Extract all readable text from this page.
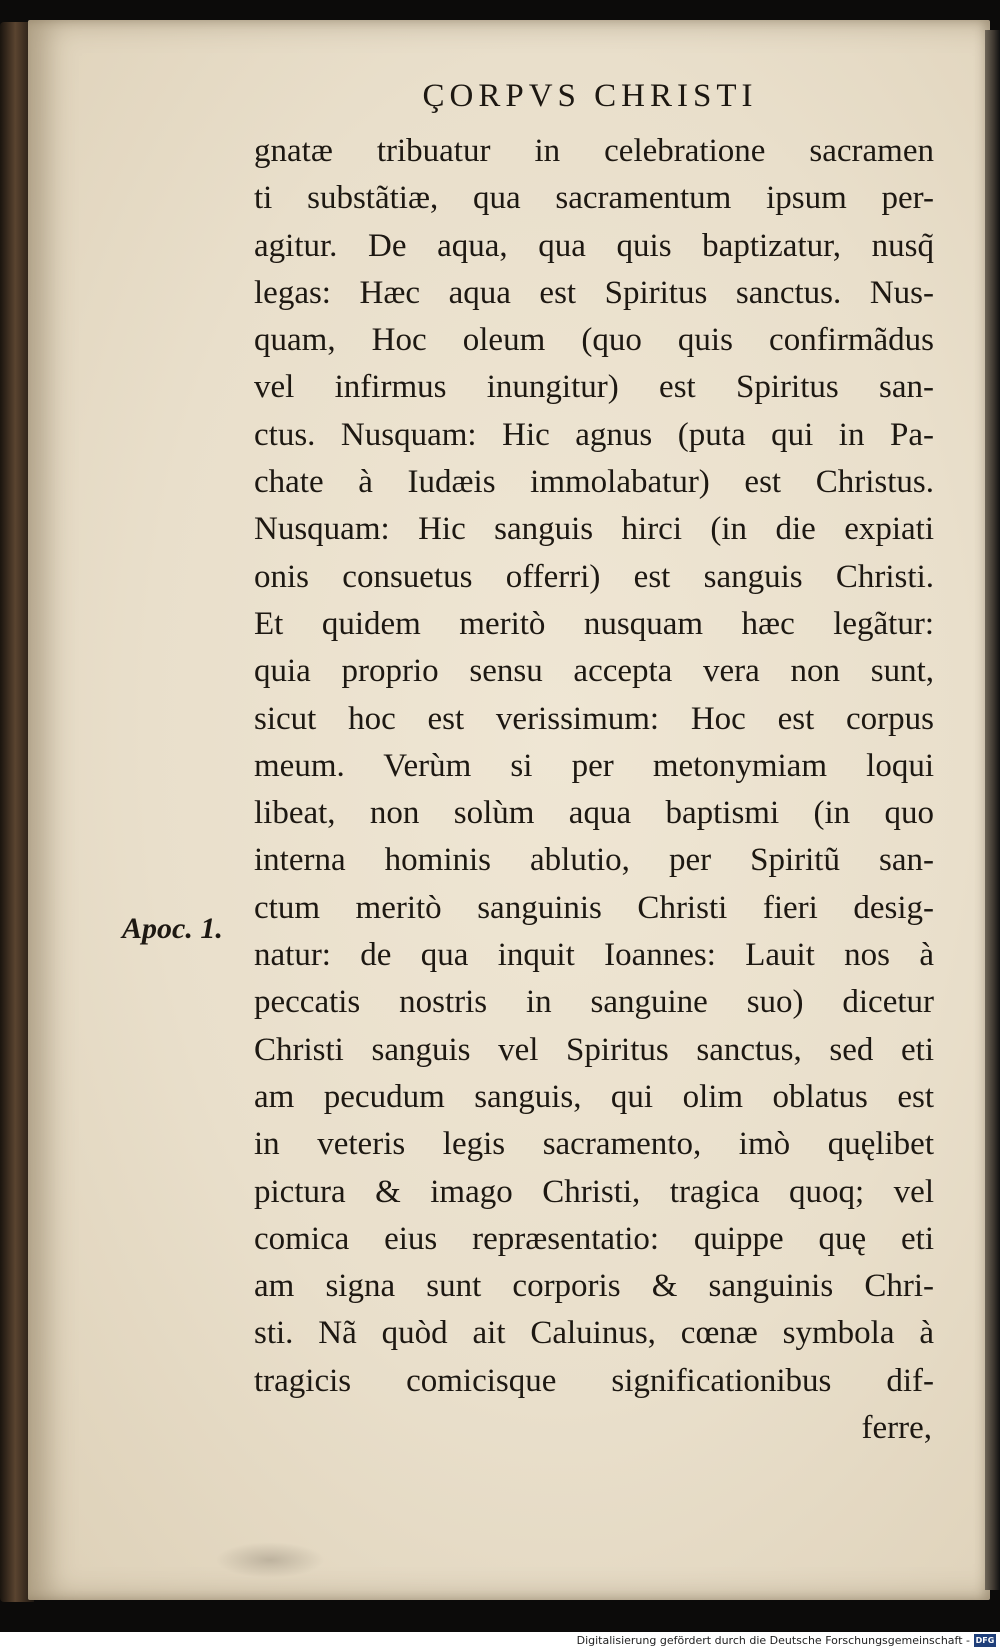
ÇORPVS CHRISTI
Apoc. 1.
gnatæ tribuatur in celebratione sacramen
ti substãtiæ, qua sacramentum ipsum per-
agitur. De aqua, qua quis baptizatur, nusq̃
legas: Hæc aqua est Spiritus sanctus. Nus-
quam, Hoc oleum (quo quis confirmãdus
vel infirmus inungitur) est Spiritus san-
ctus. Nusquam: Hic agnus (puta qui in Pa-
chate à Iudæis immolabatur) est Christus.
Nusquam: Hic sanguis hirci (in die expiati
onis consuetus offerri) est sanguis Christi.
Et quidem meritò nusquam hæc legãtur:
quia proprio sensu accepta vera non sunt,
sicut hoc est verissimum: Hoc est corpus
meum. Verùm si per metonymiam loqui
libeat, non solùm aqua baptismi (in quo
interna hominis ablutio, per Spiritũ san-
ctum meritò sanguinis Christi fieri desig-
natur: de qua inquit Ioannes: Lauit nos à
peccatis nostris in sanguine suo) dicetur
Christi sanguis vel Spiritus sanctus, sed eti
am pecudum sanguis, qui olim oblatus est
in veteris legis sacramento, imò quęlibet
pictura & imago Christi, tragica quoq; vel
comica eius repræsentatio: quippe quę eti
am signa sunt corporis & sanguinis Chri-
sti. Nã quòd ait Caluinus, cœnæ symbola à
tragicis comicisque significationibus dif-
ferre,
Digitalisierung gefördert durch die Deutsche Forschungsgemeinschaft - DFG
